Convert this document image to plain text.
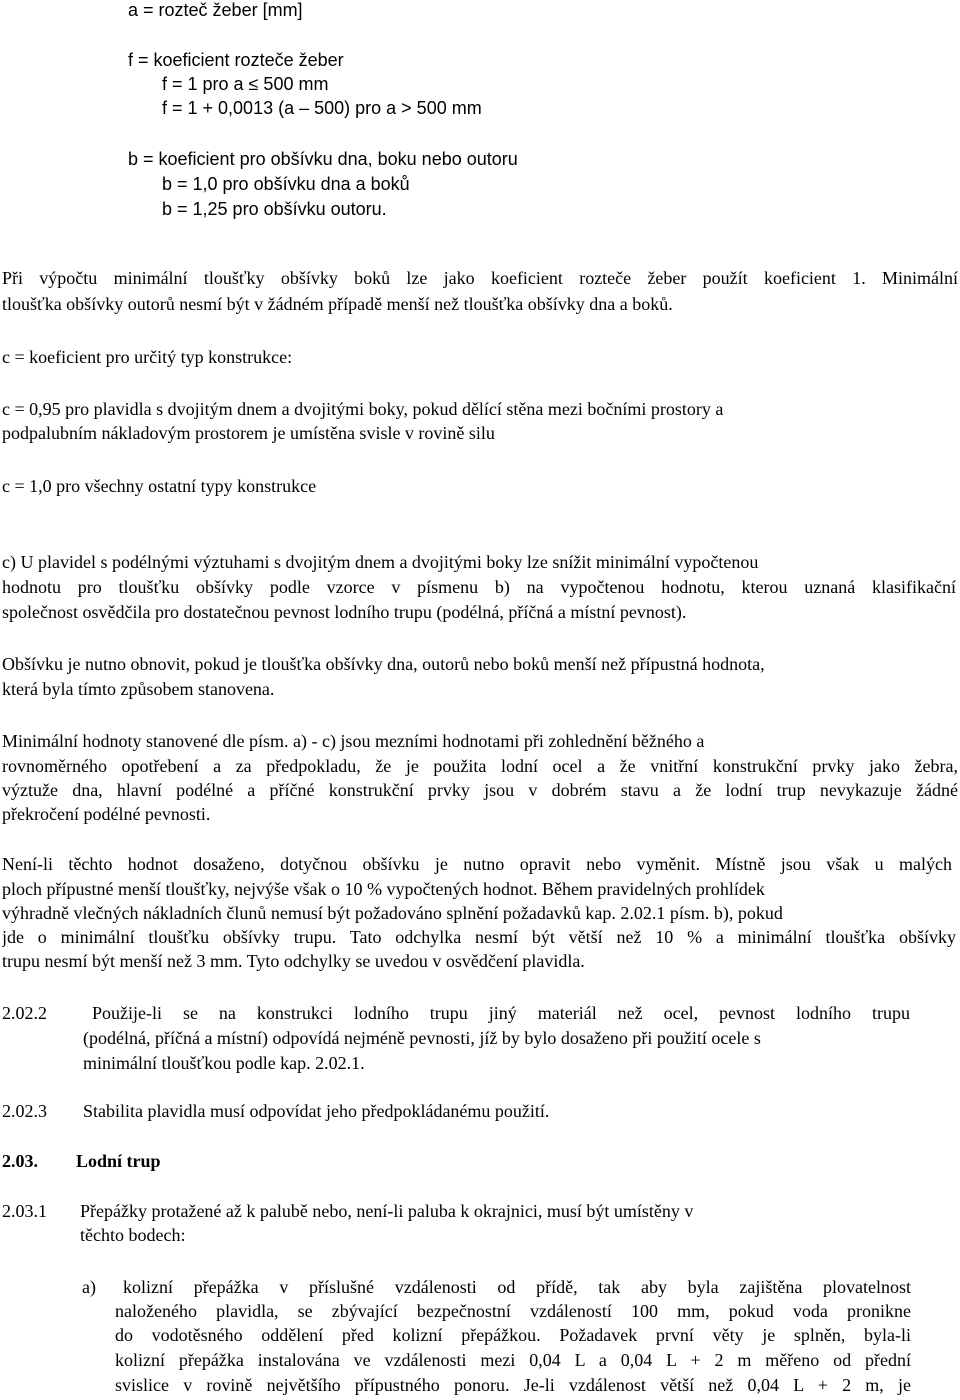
a = rozteč žeber [mm]
f = koeficient rozteče žeber
f = 1 pro a ≤ 500 mm
f = 1 + 0,0013 (a – 500) pro a > 500 mm
b = koeficient pro obšívku dna, boku nebo outoru
b = 1,0 pro obšívku dna a boků
b = 1,25 pro obšívku outoru.
Při výpočtu minimální tloušťky obšívky boků lze jako koeficient rozteče žeber použít koeficient 1. Minimální
tloušťka obšívky outorů nesmí být v žádném případě menší než tloušťka obšívky dna a boků.
c = koeficient pro určitý typ konstrukce:
c = 0,95 pro plavidla s dvojitým dnem a dvojitými boky, pokud dělící stěna mezi bočními prostory a
podpalubním nákladovým prostorem je umístěna svisle v rovině silu
c = 1,0 pro všechny ostatní typy konstrukce
c) U plavidel s podélnými výztuhami s dvojitým dnem a dvojitými boky lze snížit minimální vypočtenou
hodnotu pro tloušťku obšívky podle vzorce v písmenu b) na vypočtenou hodnotu, kterou uznaná klasifikační
společnost osvědčila pro dostatečnou pevnost lodního trupu (podélná, příčná a místní pevnost).
Obšívku je nutno obnovit, pokud je tloušťka obšívky dna, outorů nebo boků menší než přípustná hodnota,
která byla tímto způsobem stanovena.
Minimální hodnoty stanovené dle písm. a) - c) jsou mezními hodnotami při zohlednění běžného a
rovnoměrného opotřebení a za předpokladu, že je použita lodní ocel a že vnitřní konstrukční prvky jako žebra,
výztuže dna, hlavní podélné a příčné konstrukční prvky jsou v dobrém stavu a že lodní trup nevykazuje žádné
překročení podélné pevnosti.
Není-li těchto hodnot dosaženo, dotyčnou obšívku je nutno opravit nebo vyměnit. Místně jsou však u malých
ploch přípustné menší tloušťky, nejvýše však o 10 % vypočtených hodnot. Během pravidelných prohlídek
výhradně vlečných nákladních člunů nemusí být požadováno splnění požadavků kap. 2.02.1 písm. b), pokud
jde o minimální tloušťku obšívky trupu. Tato odchylka nesmí být větší než 10 % a minimální tloušťka obšívky
trupu nesmí být menší než 3 mm. Tyto odchylky se uvedou v osvědčení plavidla.
2.02.2	Použije-li se na konstrukci lodního trupu jiný materiál než ocel, pevnost lodního trupu
(podélná, příčná a místní) odpovídá nejméně pevnosti, jíž by bylo dosaženo při použití ocele s
minimální tloušťkou podle kap. 2.02.1.
2.02.3 Stabilita plavidla musí odpovídat jeho předpokládanému použití.
2.03. Lodní trup
2.03.1 Přepážky protažené až k palubě nebo, není-li paluba k okrajnici, musí být umístěny v
těchto bodech:
a) kolizní přepážka v příslušné vzdálenosti od přídě, tak aby byla zajištěna plovatelnost
naloženého plavidla, se zbývající bezpečnostní vzdáleností 100 mm, pokud voda pronikne
do vodotěsného oddělení před kolizní přepážkou. Požadavek první věty je splněn, byla-li
kolizní přepážka instalována ve vzdálenosti mezi 0,04 L a 0,04 L + 2 m měřeno od přední
svislice v rovině největšího přípustného ponoru. Je-li vzdálenost větší než 0,04 L + 2 m, je
